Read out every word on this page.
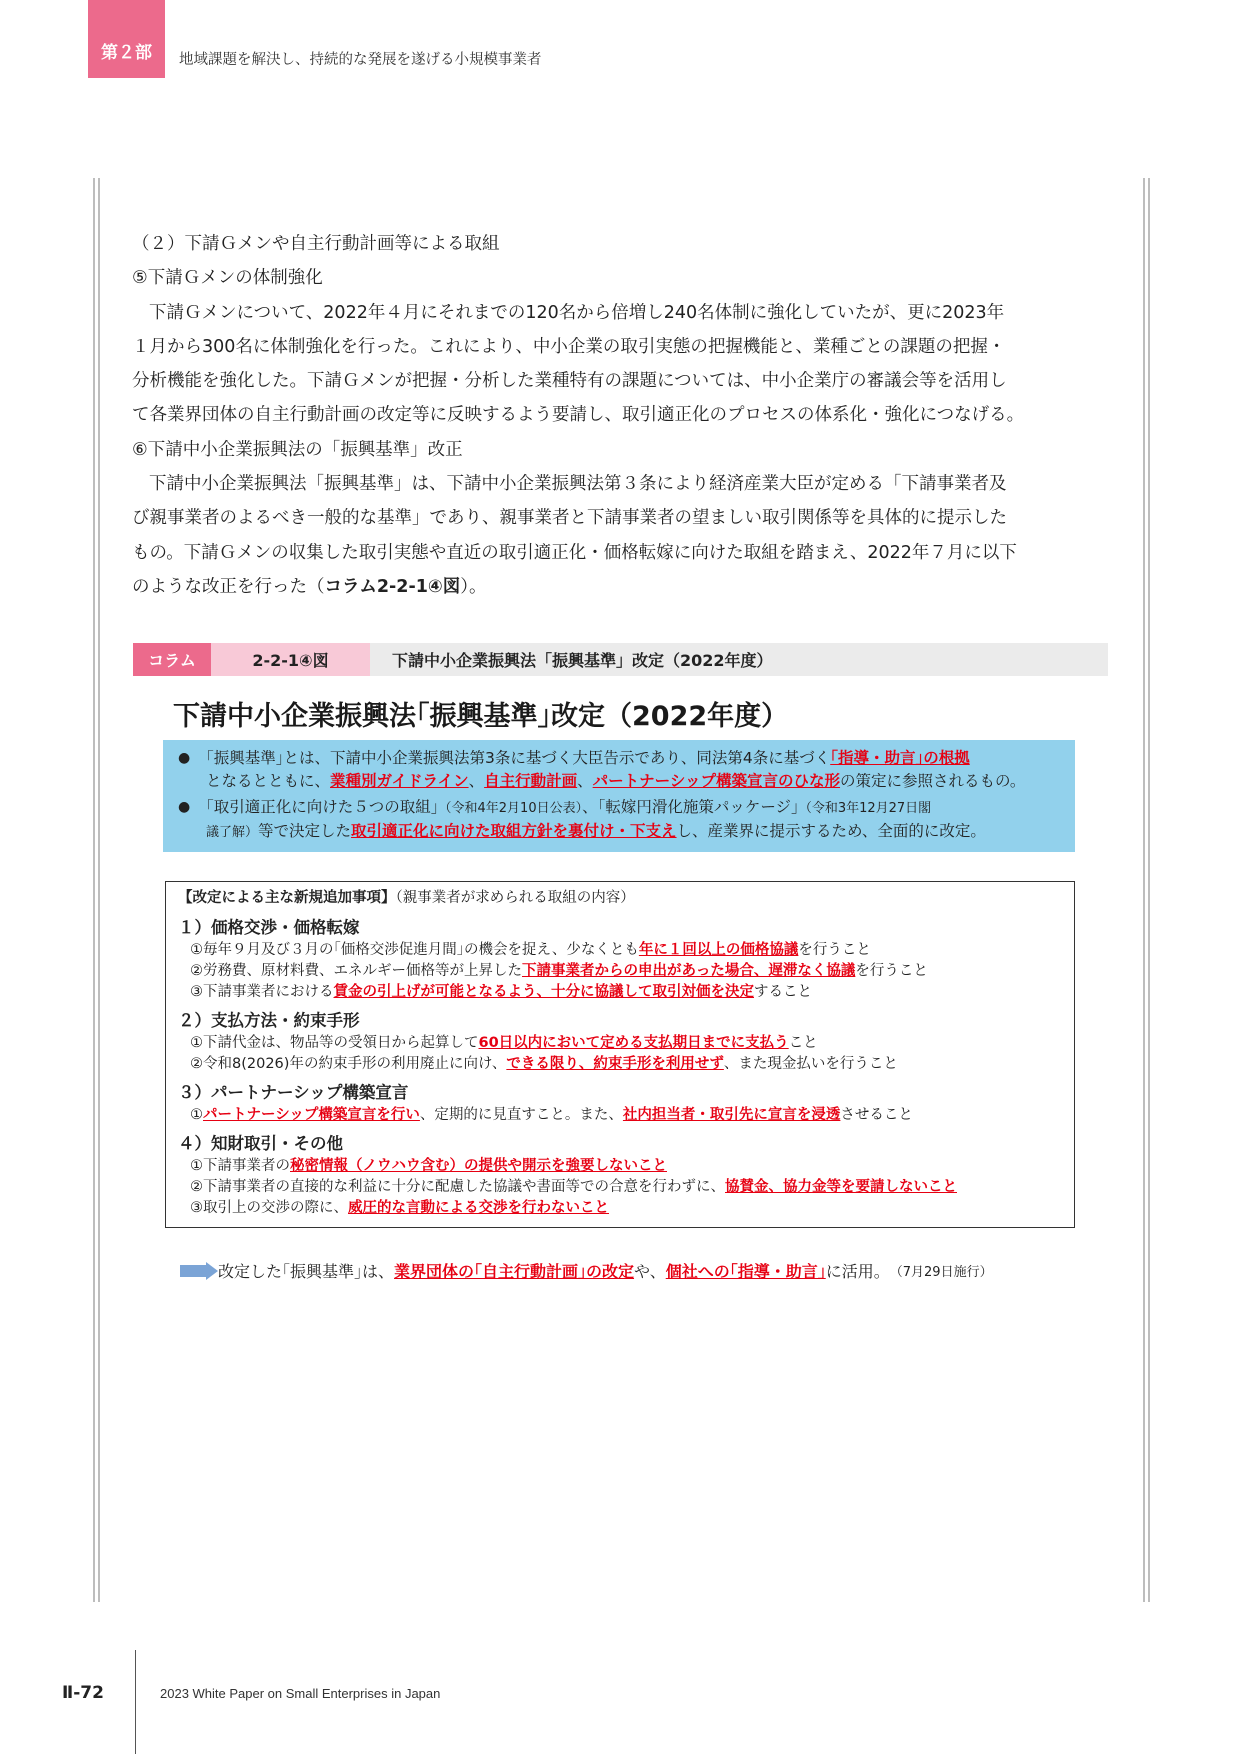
第２部	地域課題を解決し、持続的な発展を遂げる小規模事業者

（２）下請Ｇメンや自主行動計画等による取組

⑤下請Ｇメンの体制強化

下請Ｇメンについて、2022年４月にそれまでの120名から倍増し240名体制に強化していたが、更に2023年

１月から300名に体制強化を行った。これにより、中小企業の取引実態の把握機能と、業種ごとの課題の把握・

分析機能を強化した。下請Ｇメンが把握・分析した業種特有の課題については、中小企業庁の審議会等を活用し

て各業界団体の自主行動計画の改定等に反映するよう要請し、取引適正化のプロセスの体系化・強化につなげる。

⑥下請中小企業振興法の「振興基準」改正

下請中小企業振興法「振興基準」は、下請中小企業振興法第３条により経済産業大臣が定める「下請事業者及

び親事業者のよるべき一般的な基準」であり、親事業者と下請事業者の望ましい取引関係等を具体的に提示した

もの。下請Ｇメンの収集した取引実態や直近の取引適正化・価格転嫁に向けた取組を踏まえ、2022年７月に以下

のような改正を行った（コラム2-2-1④図）。

コラム	2-2-1④図	下請中小企業振興法「振興基準」改定（2022年度）
下請中小企業振興法｢振興基準｣改定（2022年度）
● ｢振興基準｣とは、下請中小企業振興法第3条に基づく大臣告示であり、同法第4条に基づく｢指導・助言｣の根拠
となるとともに、業種別ガイドライン、自主行動計画、パートナーシップ構築宣言のひな形の策定に参照されるもの。
● ｢取引適正化に向けた５つの取組｣（令和4年2月10日公表）、｢転嫁円滑化施策パッケージ｣（令和3年12月27日閣
議了解）等で決定した取引適正化に向けた取組方針を裏付け・下支えし、産業界に提示するため、全面的に改定。
【改定による主な新規追加事項】（親事業者が求められる取組の内容）
１）価格交渉・価格転嫁
①毎年９月及び３月の｢価格交渉促進月間｣の機会を捉え、少なくとも年に１回以上の価格協議を行うこと
②労務費、原材料費、エネルギー価格等が上昇した下請事業者からの申出があった場合、遅滞なく協議を行うこと
③下請事業者における賃金の引上げが可能となるよう、十分に協議して取引対価を決定すること
２）支払方法・約束手形
①下請代金は、物品等の受領日から起算して60日以内において定める支払期日までに支払うこと
②令和8(2026)年の約束手形の利用廃止に向け、できる限り、約束手形を利用せず、また現金払いを行うこと
３）パートナーシップ構築宣言
①パートナーシップ構築宣言を行い、定期的に見直すこと。また、社内担当者・取引先に宣言を浸透させること
４）知財取引・その他
①下請事業者の秘密情報（ノウハウ含む）の提供や開示を強要しないこと
②下請事業者の直接的な利益に十分に配慮した協議や書面等での合意を行わずに、協賛金、協力金等を要請しないこと
③取引上の交渉の際に、威圧的な言動による交渉を行わないこと
改定した｢振興基準｣は、 業界団体の｢自主行動計画｣の改定 や、 個社への｢指導・助言｣ に活用。 （7月29日施行）
Ⅱ-72	2023 White Paper on Small Enterprises in Japan
